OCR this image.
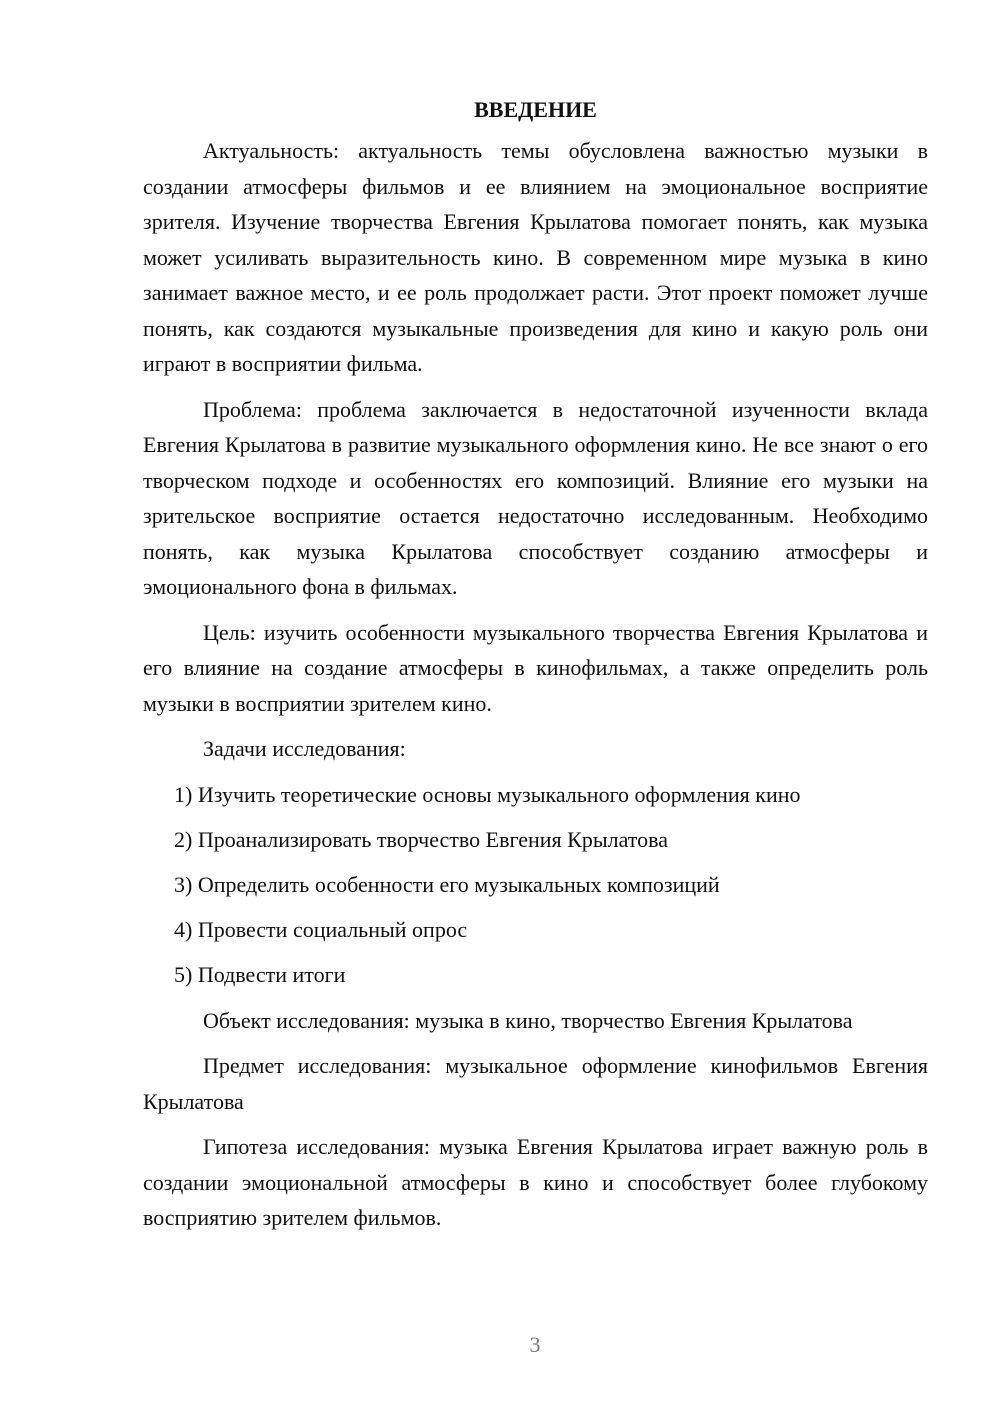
ВВЕДЕНИЕ

Актуальность: актуальность темы обусловлена важностью музыки в создании атмосферы фильмов и ее влиянием на эмоциональное восприятие зрителя. Изучение творчества Евгения Крылатова помогает понять, как музыка может усиливать выразительность кино. В современном мире музыка в кино занимает важное место, и ее роль продолжает расти. Этот проект поможет лучше понять, как создаются музыкальные произведения для кино и какую роль они играют в восприятии фильма.

Проблема: проблема заключается в недостаточной изученности вклада Евгения Крылатова в развитие музыкального оформления кино. Не все знают о его творческом подходе и особенностях его композиций. Влияние его музыки на зрительское восприятие остается недостаточно исследованным. Необходимо понять, как музыка Крылатова способствует созданию атмосферы и эмоционального фона в фильмах.

Цель: изучить особенности музыкального творчества Евгения Крылатова и его влияние на создание атмосферы в кинофильмах, а также определить роль музыки в восприятии зрителем кино.

Задачи исследования:

1) Изучить теоретические основы музыкального оформления кино
2) Проанализировать творчество Евгения Крылатова
3) Определить особенности его музыкальных композиций
4) Провести социальный опрос
5) Подвести итоги

Объект исследования: музыка в кино, творчество Евгения Крылатова

Предмет исследования: музыкальное оформление кинофильмов Евгения Крылатова

Гипотеза исследования: музыка Евгения Крылатова играет важную роль в создании эмоциональной атмосферы в кино и способствует более глубокому восприятию зрителем фильмов.

3
